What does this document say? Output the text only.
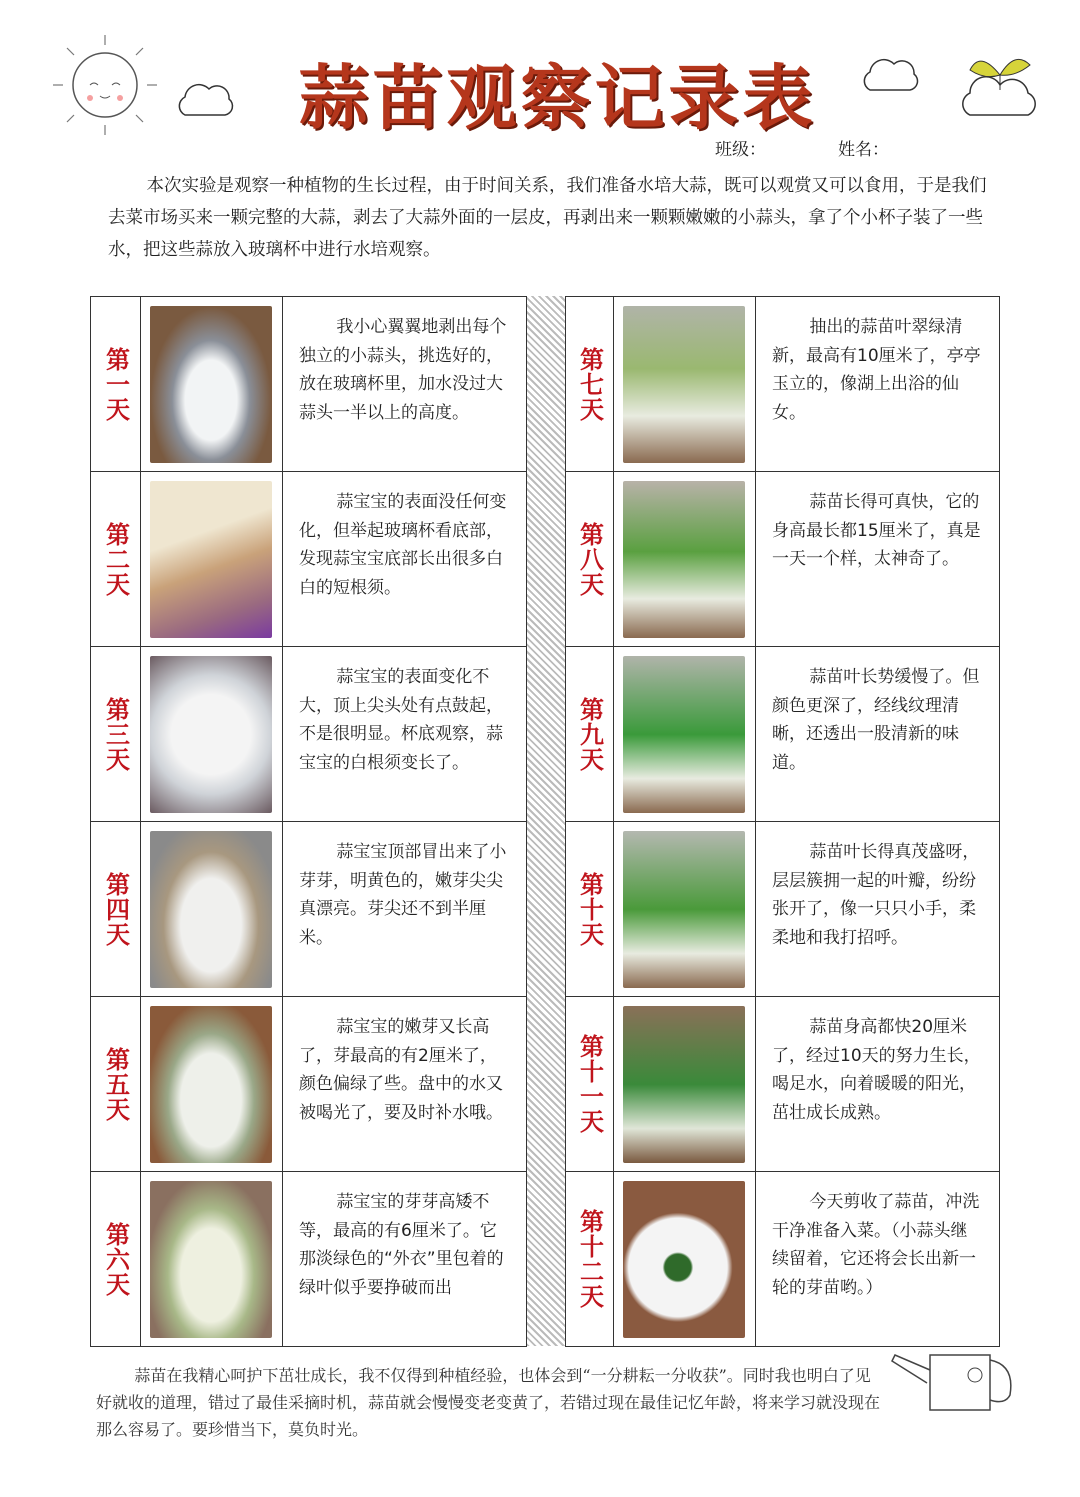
蒜苗观察记录表
班级：	姓名：
本次实验是观察一种植物的生长过程，由于时间关系，我们准备水培大蒜，既可以观赏又可以食用，于是我们去菜市场买来一颗完整的大蒜，剥去了大蒜外面的一层皮，再剥出来一颗颗嫩嫩的小蒜头，拿了个小杯子装了一些水，把这些蒜放入玻璃杯中进行水培观察。
第一天		我小心翼翼地剥出每个独立的小蒜头，挑选好的，放在玻璃杯里，加水没过大蒜头一半以上的高度。
第二天		蒜宝宝的表面没任何变化，但举起玻璃杯看底部，发现蒜宝宝底部长出很多白白的短根须。
第三天		蒜宝宝的表面变化不大，顶上尖头处有点鼓起，不是很明显。杯底观察，蒜宝宝的白根须变长了。
第四天		蒜宝宝顶部冒出来了小芽芽，明黄色的，嫩芽尖尖真漂亮。芽尖还不到半厘米。
第五天		蒜宝宝的嫩芽又长高了，芽最高的有2厘米了，颜色偏绿了些。盘中的水又被喝光了，要及时补水哦。
第六天		蒜宝宝的芽芽高矮不等，最高的有6厘米了。它那淡绿色的“外衣”里包着的绿叶似乎要挣破而出
第七天		抽出的蒜苗叶翠绿清新，最高有10厘米了，亭亭玉立的，像湖上出浴的仙女。
第八天		蒜苗长得可真快，它的身高最长都15厘米了，真是一天一个样，太神奇了。
第九天		蒜苗叶长势缓慢了。但颜色更深了，经线纹理清晰，还透出一股清新的味道。
第十天		蒜苗叶长得真茂盛呀，层层簇拥一起的叶瓣，纷纷张开了，像一只只小手，柔柔地和我打招呼。
第十一天		蒜苗身高都快20厘米了，经过10天的努力生长，喝足水，向着暖暖的阳光，茁壮成长成熟。
第十二天		今天剪收了蒜苗，冲洗干净准备入菜。（小蒜头继续留着，它还将会长出新一轮的芽苗哟。）
蒜苗在我精心呵护下茁壮成长，我不仅得到种植经验，也体会到“一分耕耘一分收获”。同时我也明白了见好就收的道理，错过了最佳采摘时机，蒜苗就会慢慢变老变黄了，若错过现在最佳记忆年龄，将来学习就没现在那么容易了。要珍惜当下，莫负时光。
